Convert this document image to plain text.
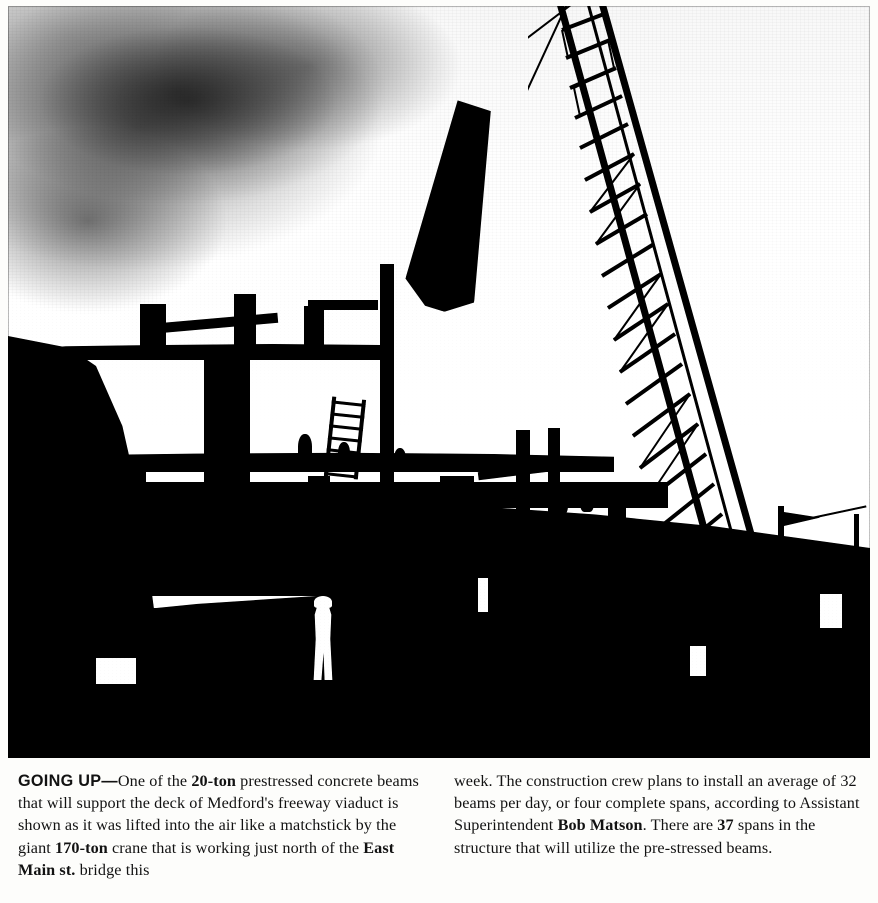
GOING UP—One of the 20-ton prestressed concrete beams that will support the deck of Medford's freeway viaduct is shown as it was lifted into the air like a matchstick by the giant 170-ton crane that is working just north of the East Main st. bridge this

week. The construction crew plans to install an average of 32 beams per day, or four complete spans, according to Assistant Superintendent Bob Matson. There are 37 spans in the structure that will utilize the pre-stressed beams.
